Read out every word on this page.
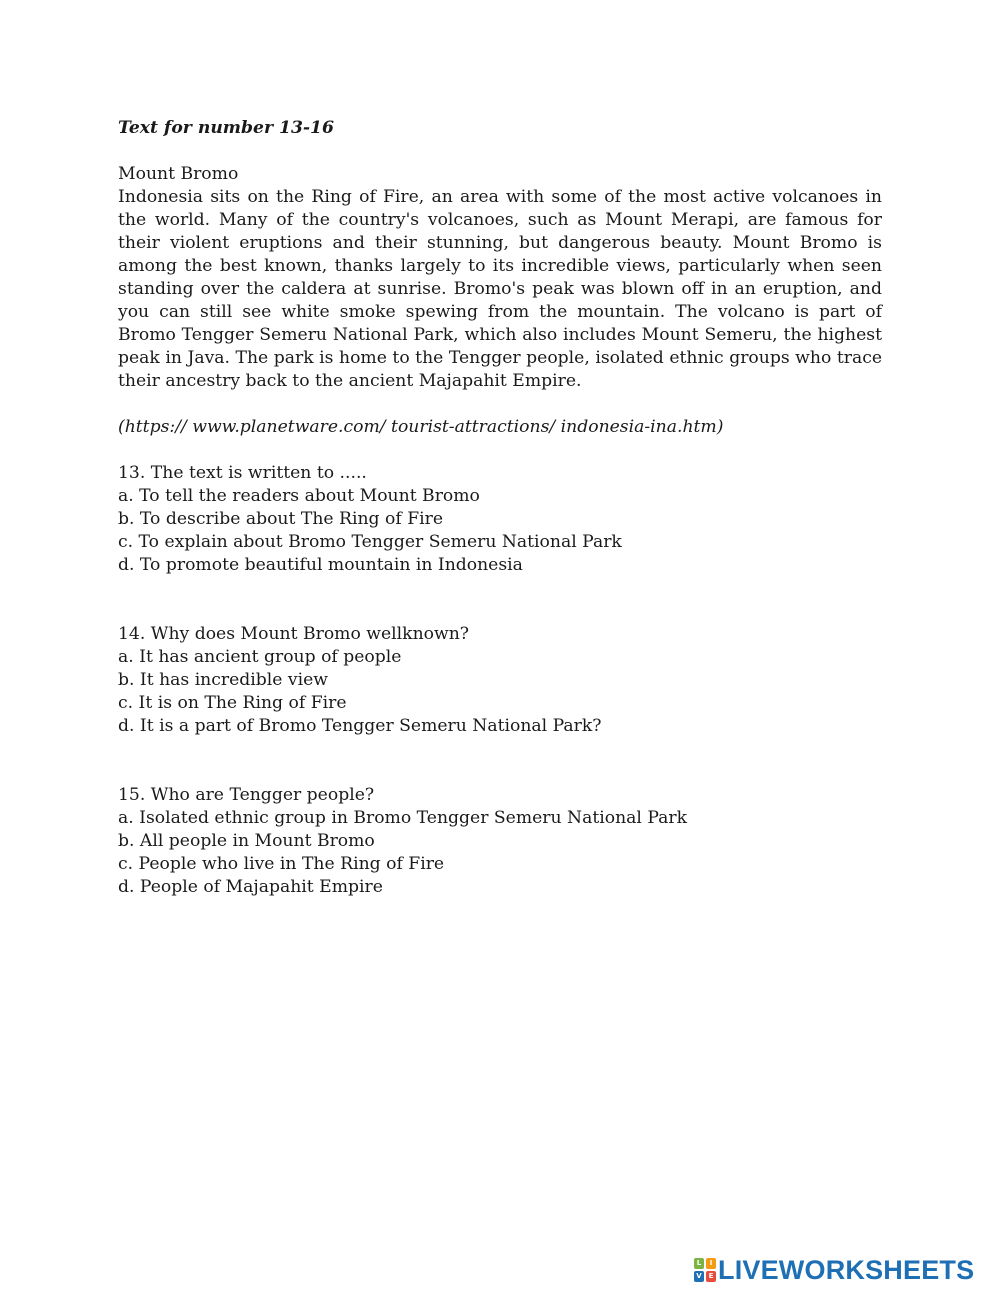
Text for number 13-16

Mount Bromo

Indonesia sits on the Ring of Fire, an area with some of the most active volcanoes in the world. Many of the country's volcanoes, such as Mount Merapi, are famous for their violent eruptions and their stunning, but dangerous beauty. Mount Bromo is among the best known, thanks largely to its incredible views, particularly when seen standing over the caldera at sunrise. Bromo's peak was blown off in an eruption, and you can still see white smoke spewing from the mountain. The volcano is part of Bromo Tengger Semeru National Park, which also includes Mount Semeru, the highest peak in Java. The park is home to the Tengger people, isolated ethnic groups who trace their ancestry back to the ancient Majapahit Empire.

(https:// www.planetware.com/ tourist-attractions/ indonesia-ina.htm)

13. The text is written to .....

a. To tell the readers about Mount Bromo

b. To describe about The Ring of Fire

c. To explain about Bromo Tengger Semeru National Park

d. To promote beautiful mountain in Indonesia

14. Why does Mount Bromo wellknown?

a. It has ancient group of people

b. It has incredible view

c. It is on The Ring of Fire

d. It is a part of Bromo Tengger Semeru National Park?

15. Who are Tengger people?

a. Isolated ethnic group in Bromo Tengger Semeru National Park

b. All people in Mount Bromo

c. People who live in The Ring of Fire

d. People of Majapahit Empire

L	I
V E LIVEWORKSHEETS
